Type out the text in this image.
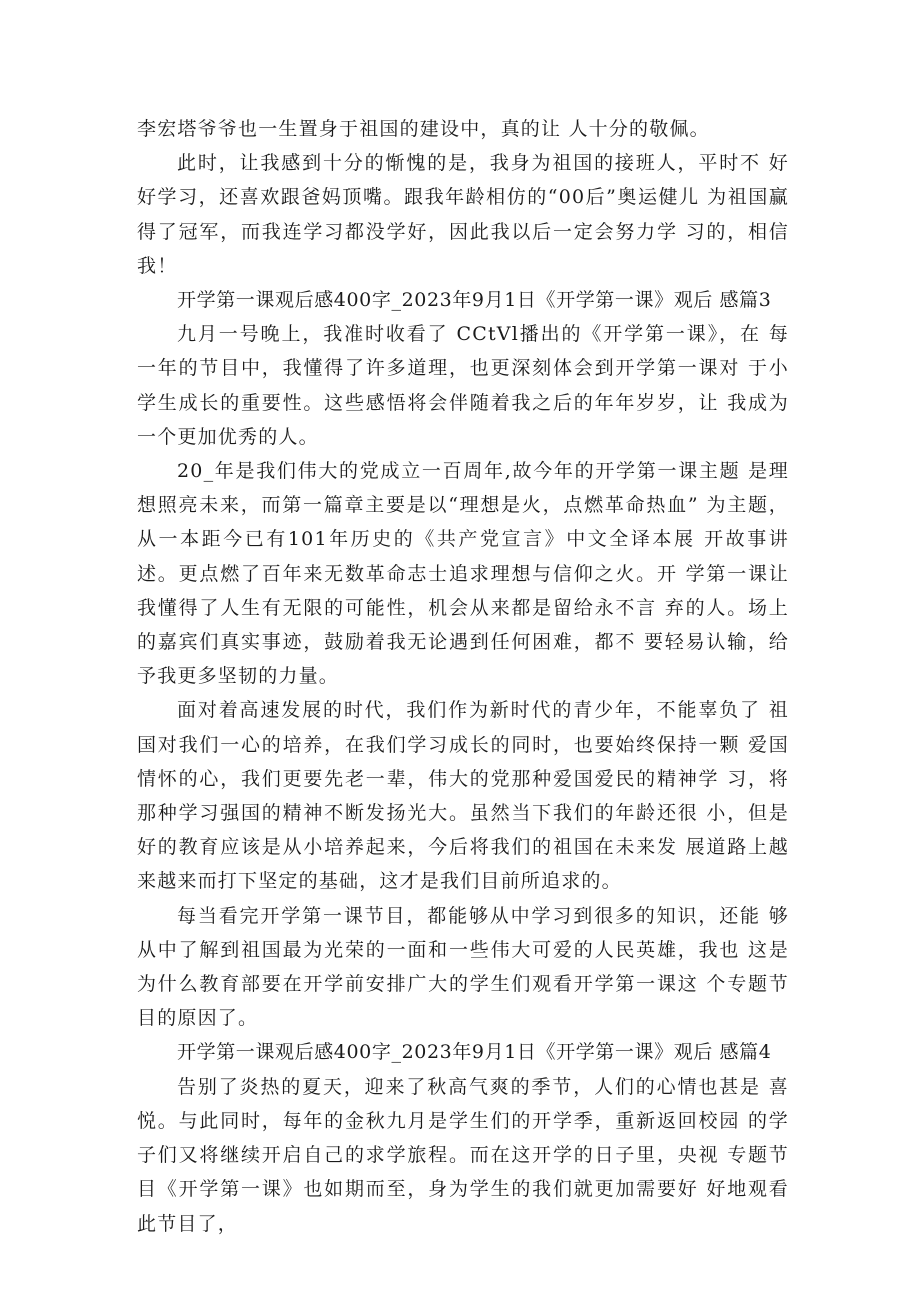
李宏塔爷爷也一生置身于祖国的建设中，真的让 人十分的敬佩。

此时，让我感到十分的惭愧的是，我身为祖国的接班人，平时不 好好学习，还喜欢跟爸妈顶嘴。跟我年龄相仿的“00后”奥运健儿 为祖国赢得了冠军，而我连学习都没学好，因此我以后一定会努力学 习的，相信我！

开学第一课观后感400字_2023年9月1日《开学第一课》观后 感篇3

九月一号晚上，我准时收看了 CCtVl播出的《开学第一课》，在 每一年的节目中，我懂得了许多道理，也更深刻体会到开学第一课对 于小学生成长的重要性。这些感悟将会伴随着我之后的年年岁岁，让 我成为一个更加优秀的人。

20_年是我们伟大的党成立一百周年,故今年的开学第一课主题 是理想照亮未来，而第一篇章主要是以“理想是火，点燃革命热血” 为主题，从一本距今已有101年历史的《共产党宣言》中文全译本展 开故事讲述。更点燃了百年来无数革命志士追求理想与信仰之火。开 学第一课让我懂得了人生有无限的可能性，机会从来都是留给永不言 弃的人。场上的嘉宾们真实事迹，鼓励着我无论遇到任何困难，都不 要轻易认输，给予我更多坚韧的力量。

面对着高速发展的时代，我们作为新时代的青少年，不能辜负了 祖国对我们一心的培养，在我们学习成长的同时，也要始终保持一颗 爱国情怀的心，我们更要先老一辈，伟大的党那种爱国爱民的精神学 习，将那种学习强国的精神不断发扬光大。虽然当下我们的年龄还很 小，但是好的教育应该是从小培养起来，今后将我们的祖国在未来发 展道路上越来越来而打下坚定的基础，这才是我们目前所追求的。

每当看完开学第一课节目，都能够从中学习到很多的知识，还能 够从中了解到祖国最为光荣的一面和一些伟大可爱的人民英雄，我也 这是为什么教育部要在开学前安排广大的学生们观看开学第一课这 个专题节目的原因了。

开学第一课观后感400字_2023年9月1日《开学第一课》观后 感篇4

告别了炎热的夏天，迎来了秋高气爽的季节，人们的心情也甚是 喜悦。与此同时，每年的金秋九月是学生们的开学季，重新返回校园 的学子们又将继续开启自己的求学旅程。而在这开学的日子里，央视 专题节目《开学第一课》也如期而至，身为学生的我们就更加需要好 好地观看此节目了，
